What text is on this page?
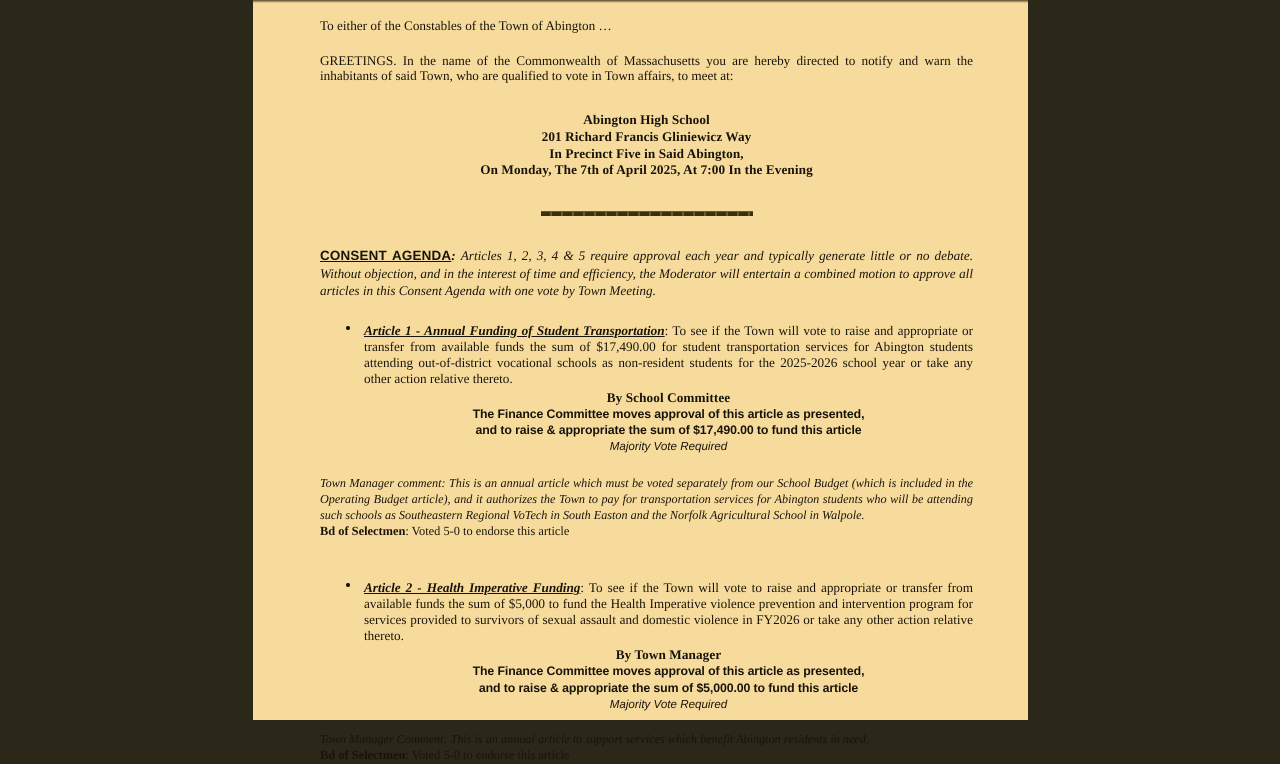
To either of the Constables of the Town of Abington …

GREETINGS. In the name of the Commonwealth of Massachusetts you are hereby directed to notify and warn the inhabitants of said Town, who are qualified to vote in Town affairs, to meet at:

Abington High School
201 Richard Francis Gliniewicz Way
In Precinct Five in Said Abington,
On Monday, The 7th of April 2025, At 7:00 In the Evening
CONSENT AGENDA: Articles 1, 2, 3, 4 & 5 require approval each year and typically generate little or no debate. Without objection, and in the interest of time and efficiency, the Moderator will entertain a combined motion to approve all articles in this Consent Agenda with one vote by Town Meeting.
Article 1 - Annual Funding of Student Transportation: To see if the Town will vote to raise and appropriate or transfer from available funds the sum of $17,490.00 for student transportation services for Abington students attending out-of-district vocational schools as non-resident students for the 2025-2026 school year or take any other action relative thereto.
By School Committee
The Finance Committee moves approval of this article as presented,
and to raise & appropriate the sum of $17,490.00 to fund this article
Majority Vote Required
Town Manager comment: This is an annual article which must be voted separately from our School Budget (which is included in the Operating Budget article), and it authorizes the Town to pay for transportation services for Abington students who will be attending such schools as Southeastern Regional VoTech in South Easton and the Norfolk Agricultural School in Walpole.
Bd of Selectmen: Voted 5-0 to endorse this article
Article 2 - Health Imperative Funding: To see if the Town will vote to raise and appropriate or transfer from available funds the sum of $5,000 to fund the Health Imperative violence prevention and intervention program for services provided to survivors of sexual assault and domestic violence in FY2026 or take any other action relative thereto.
By Town Manager
The Finance Committee moves approval of this article as presented,
and to raise & appropriate the sum of $5,000.00 to fund this article
Majority Vote Required
Town Manager Comment: This is an annual article to support services which benefit Abington residents in need.
Bd of Selectmen: Voted 5-0 to endorse this article
